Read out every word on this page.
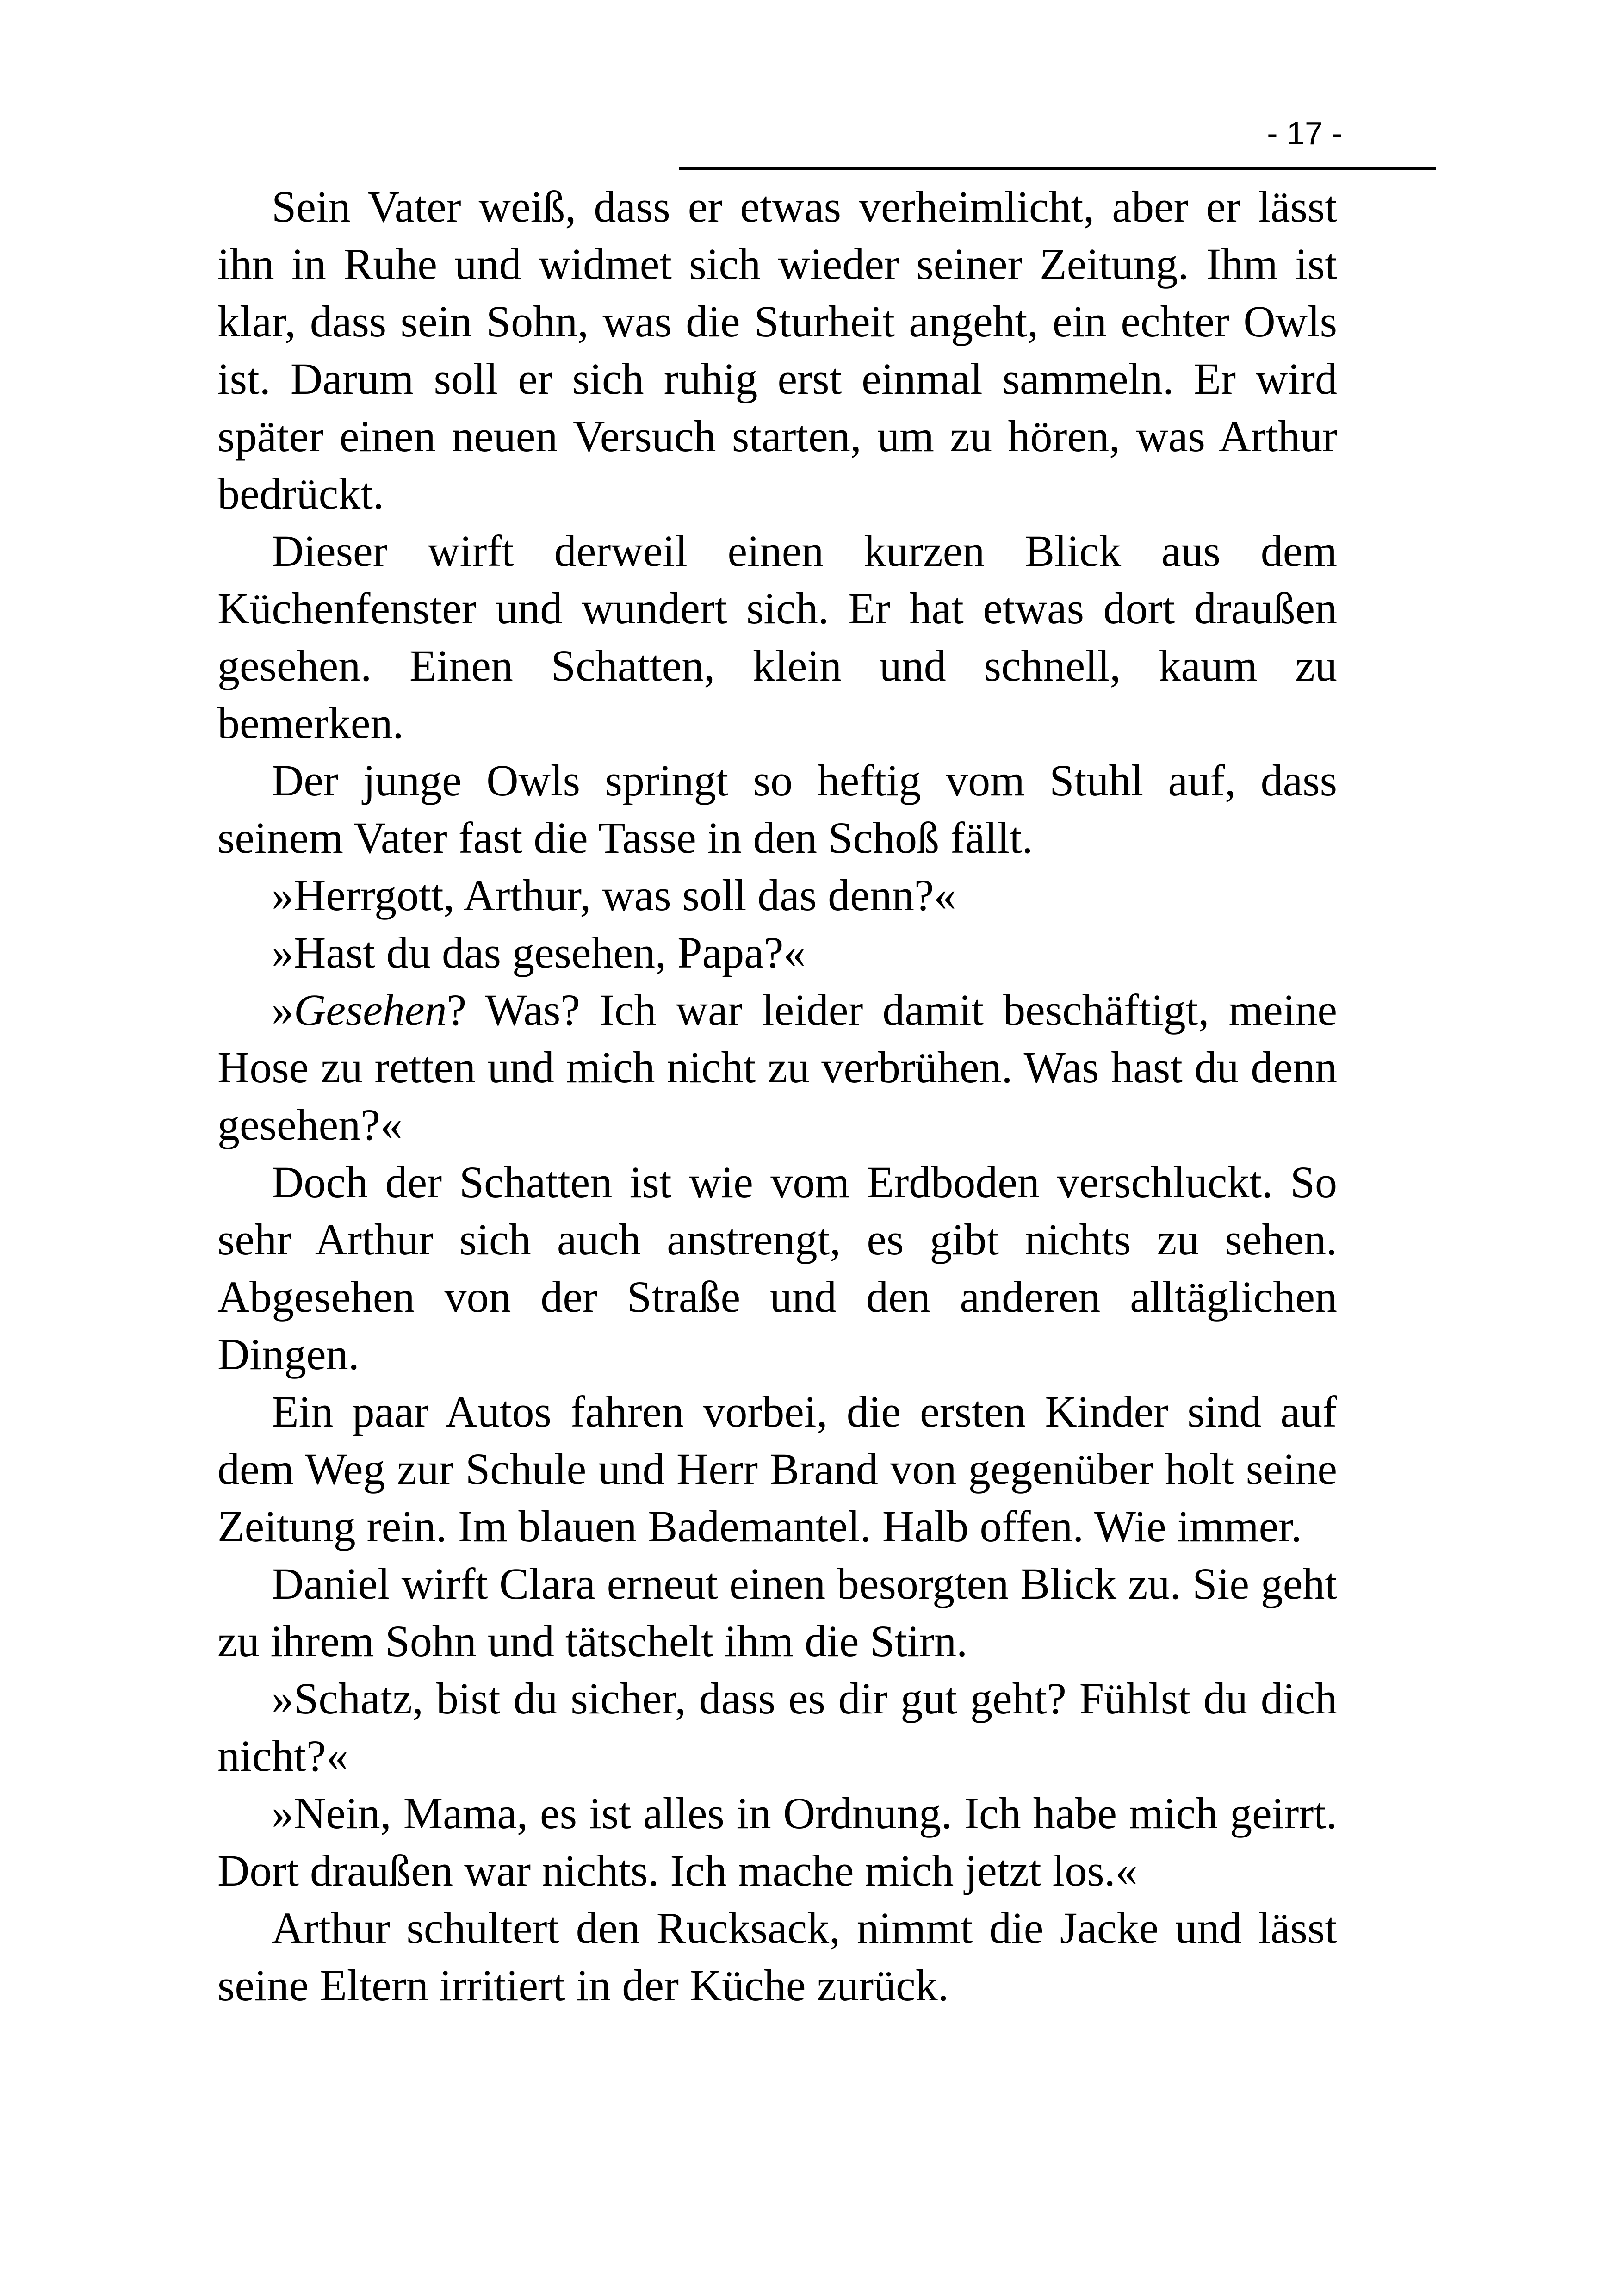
- 17 -

Sein Vater weiß, dass er etwas verheimlicht, aber er lässt ihn in Ruhe und widmet sich wieder seiner Zeitung. Ihm ist klar, dass sein Sohn, was die Sturheit angeht, ein echter Owls ist. Darum soll er sich ruhig erst einmal sammeln. Er wird später einen neuen Versuch starten, um zu hören, was Arthur bedrückt.

Dieser wirft derweil einen kurzen Blick aus dem Küchenfenster und wundert sich. Er hat etwas dort draußen gesehen. Einen Schatten, klein und schnell, kaum zu bemerken.

Der junge Owls springt so heftig vom Stuhl auf, dass seinem Vater fast die Tasse in den Schoß fällt.

»Herrgott, Arthur, was soll das denn?«

»Hast du das gesehen, Papa?«

»Gesehen? Was? Ich war leider damit beschäftigt, meine Hose zu retten und mich nicht zu verbrühen. Was hast du denn gesehen?«

Doch der Schatten ist wie vom Erdboden verschluckt. So sehr Arthur sich auch anstrengt, es gibt nichts zu sehen. Abgesehen von der Straße und den anderen alltäglichen Dingen.

Ein paar Autos fahren vorbei, die ersten Kinder sind auf dem Weg zur Schule und Herr Brand von gegenüber holt seine Zeitung rein. Im blauen Bademantel. Halb offen. Wie immer.

Daniel wirft Clara erneut einen besorgten Blick zu. Sie geht zu ihrem Sohn und tätschelt ihm die Stirn.

»Schatz, bist du sicher, dass es dir gut geht? Fühlst du dich nicht?«

»Nein, Mama, es ist alles in Ordnung. Ich habe mich geirrt. Dort draußen war nichts. Ich mache mich jetzt los.«

Arthur schultert den Rucksack, nimmt die Jacke und lässt seine Eltern irritiert in der Küche zurück.
